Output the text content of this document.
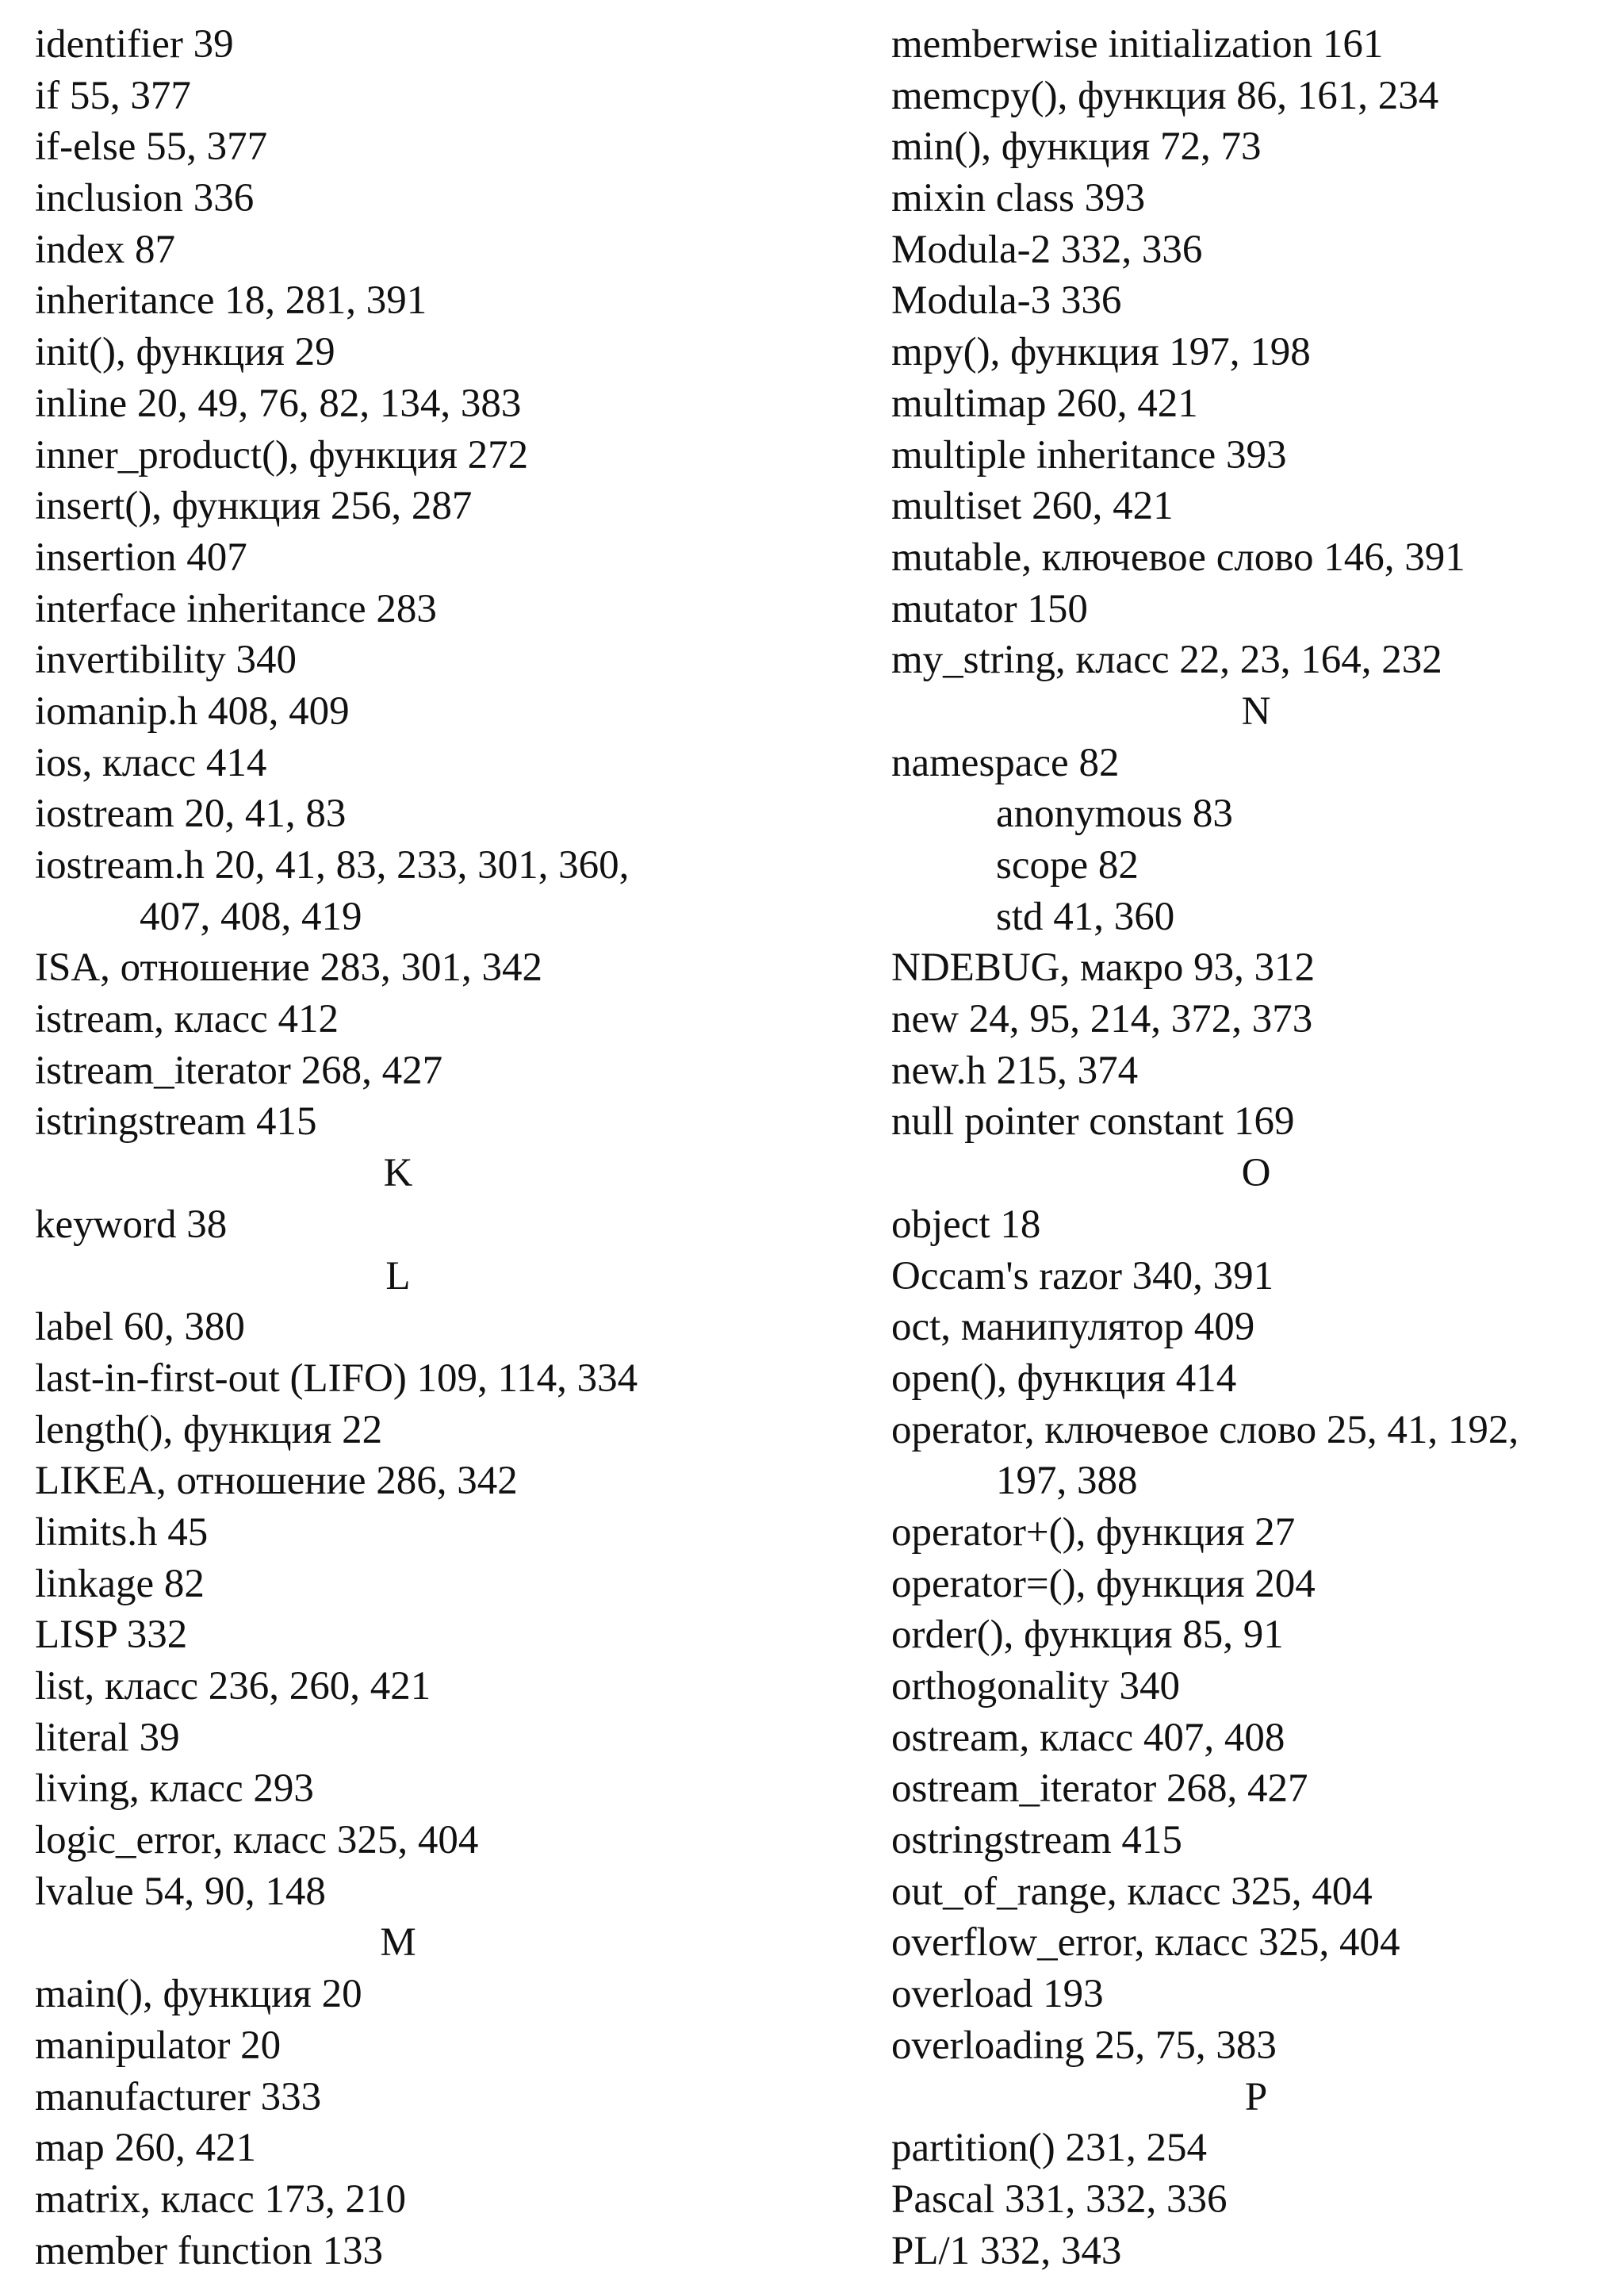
identifier 39
if 55, 377
if-else 55, 377
inclusion 336
index 87
inheritance 18, 281, 391
init(), функция 29
inline 20, 49, 76, 82, 134, 383
inner_product(), функция 272
insert(), функция 256, 287
insertion 407
interface inheritance 283
invertibility 340
iomanip.h 408, 409
ios, класс 414
iostream 20, 41, 83
iostream.h 20, 41, 83, 233, 301, 360,
407, 408, 419
ISA, отношение 283, 301, 342
istream, класс 412
istream_iterator 268, 427
istringstream 415
K
keyword 38
L
label 60, 380
last-in-first-out (LIFO) 109, 114, 334
length(), функция 22
LIKEA, отношение 286, 342
limits.h 45
linkage 82
LISP 332
list, класс 236, 260, 421
literal 39
living, класс 293
logic_error, класс 325, 404
lvalue 54, 90, 148
M
main(), функция 20
manipulator 20
manufacturer 333
map 260, 421
matrix, класс 173, 210
member function 133
memberwise initialization 161
memcpy(), функция 86, 161, 234
min(), функция 72, 73
mixin class 393
Modula-2 332, 336
Modula-3 336
mpy(), функция 197, 198
multimap 260, 421
multiple inheritance 393
multiset 260, 421
mutable, ключевое слово 146, 391
mutator 150
my_string, класс 22, 23, 164, 232
N
namespace 82
anonymous 83
scope 82
std 41, 360
NDEBUG, макро 93, 312
new 24, 95, 214, 372, 373
new.h 215, 374
null pointer constant 169
O
object 18
Occam's razor 340, 391
oct, манипулятор 409
open(), функция 414
operator, ключевое слово 25, 41, 192,
197, 388
operator+(), функция 27
operator=(), функция 204
order(), функция 85, 91
orthogonality 340
ostream, класс 407, 408
ostream_iterator 268, 427
ostringstream 415
out_of_range, класс 325, 404
overflow_error, класс 325, 404
overload 193
overloading 25, 75, 383
P
partition() 231, 254
Pascal 331, 332, 336
PL/1 332, 343
